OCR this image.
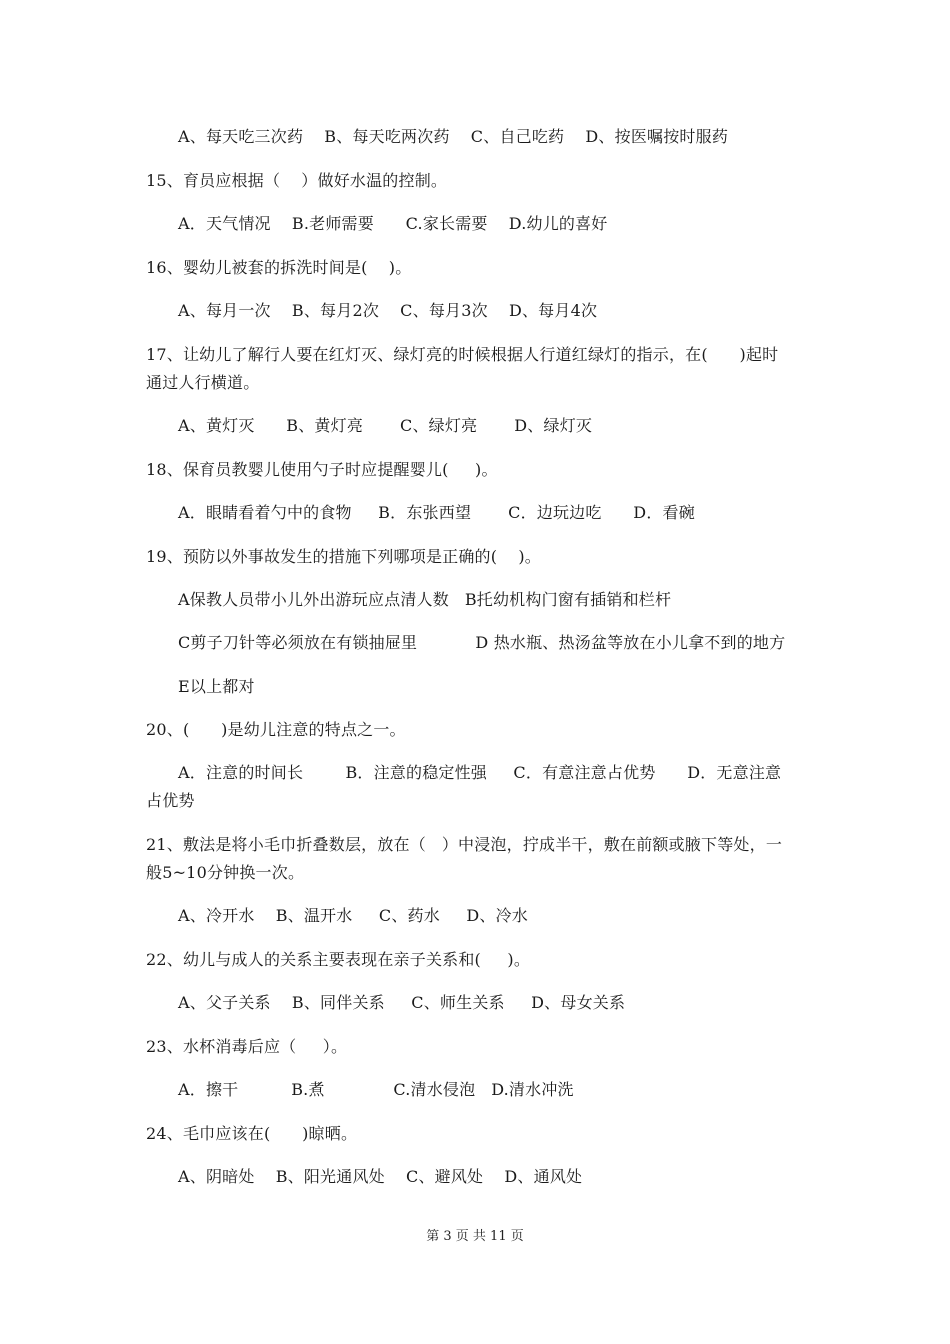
A、每天吃三次药    B、每天吃两次药    C、自己吃药    D、按医嘱按时服药
15、育员应根据（    ）做好水温的控制。
A．天气情况    B.老师需要      C.家长需要    D.幼儿的喜好
16、婴幼儿被套的拆洗时间是(    )。
A、每月一次    B、每月2次    C、每月3次    D、每月4次
17、让幼儿了解行人要在红灯灭、绿灯亮的时候根据人行道红绿灯的指示，在(      )起时
通过人行横道。
A、黄灯灭      B、黄灯亮       C、绿灯亮       D、绿灯灭
18、保育员教婴儿使用勺子时应提醒婴儿(     )。
A．眼睛看着勺中的食物     B．东张西望       C．边玩边吃      D．看碗
19、预防以外事故发生的措施下列哪项是正确的(    )。
A保教人员带小儿外出游玩应点清人数   B托幼机构门窗有插销和栏杆
C剪子刀针等必须放在有锁抽屉里           D 热水瓶、热汤盆等放在小儿拿不到的地方
E以上都对
20、(      )是幼儿注意的特点之一。
A．注意的时间长        B．注意的稳定性强     C．有意注意占优势      D．无意注意
占优势
21、敷法是将小毛巾折叠数层，放在（   ）中浸泡，拧成半干，敷在前额或腋下等处，一
般5~10分钟换一次。
A、冷开水    B、温开水     C、药水     D、冷水
22、幼儿与成人的关系主要表现在亲子关系和(     )。
A、父子关系    B、同伴关系     C、师生关系     D、母女关系
23、水杯消毒后应（     ）。
A．擦干          B.煮             C.清水侵泡   D.清水冲洗
24、毛巾应该在(      )晾晒。
A、阴暗处    B、阳光通风处    C、避风处    D、通风处
第 3 页 共 11 页
